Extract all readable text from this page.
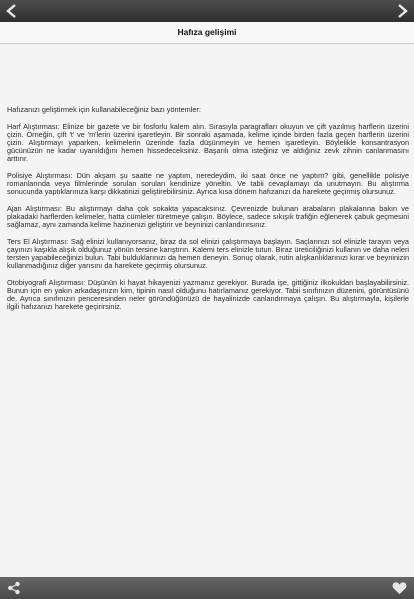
Hafıza gelişimi

Hafızanızı geliştirmek için kullanabileceğiniz bazı yöntemler:

Harf Alıştırması: Elinize bir gazete ve bir fosforlu kalem alın. Sırasıyla paragrafları okuyun ve çift yazılmış harflerin üzerini çizin. Örneğin, çift 't' ve 'm'lerin üzerini işaretleyin. Bir sonraki aşamada, kelime içinde birden fazla geçen harflerin üzerini çizin. Alıştırmayı yaparken, kelimelerin üzerinde fazla düşünmeyin ve hemen işaretleyin. Böylelikle konsantrasyon gücünüzün ne kadar uyanıldığını hemen hissedeceksiniz. Başarılı olma isteğiniz ve aldığınız zevk zihnin canlanmasını arttırır.

Polisiye Alıştırması: Dün akşam şu saatte ne yaptım, neredeydim, iki saat önce ne yaptım? gibi, genellikle polisiye romanlarında veya filmlerinde sorulan soruları kendinize yöneltin. Ve tabii cevaplamayı da unutmayın. Bu alıştırma sonucunda yaptıklarınıza karşı dikkatinizi geliştirebilirsiniz. Ayrıca kısa dönem hafızanızı da harekete geçirmiş olursunuz.

Ajan Alıştırması: Bu alıştırmayı daha çok sokakta yapacaksınız. Çevrenizde bulunan arabaların plakalarına bakın ve plakadaki harflerden kelimeler, hatta cümleler türetmeye çalışın. Böylece, sadece sıkışık trafiğin eğlenerek çabuk geçmesini sağlamaz, aynı zamanda kelime hazinenizi geliştirir ve beyninizi canlandırırsınız.

Ters El Alıştırması: Sağ elinizi kullanıyorsanız, biraz da sol elinizi çalıştırmaya başlayın. Saçlarınızı sol elinizle tarayın veya çayınızı kaşıkla alışık olduğunuz yönün tersine karıştırın. Kalemi ters elinizle tutun. Biraz üreticiliğinizi kullanın ve daha neleri tersten yapabileceğinizi bulun. Tabi bulduklarınızı da hemen deneyin. Sonuç olarak, rutin alışkanlıklarınızı kırar ve beyninizin kullanmadığınız diğer yarısını da harekete geçirmiş olursunuz.

Otobiyografi Alıştırması: Düşünün ki hayat hikayenizi yazmanız gerekiyor. Burada işe, gittiğiniz ilkokuldan başlayabilirsiniz. Bunun için en yakın arkadaşınızın kim, tipinin nasıl olduğunu hatırlamanız gerekiyor. Tabii sınıfınızın düzenini, görüntüsünü de. Ayrıca sınıfınızın penceresinden neler göründüğünüzü de hayalinizde canlandırmaya çalışın. Bu alıştırmayla, kişilerle ilgili hafızanızı harekete geçirirsiniz.
